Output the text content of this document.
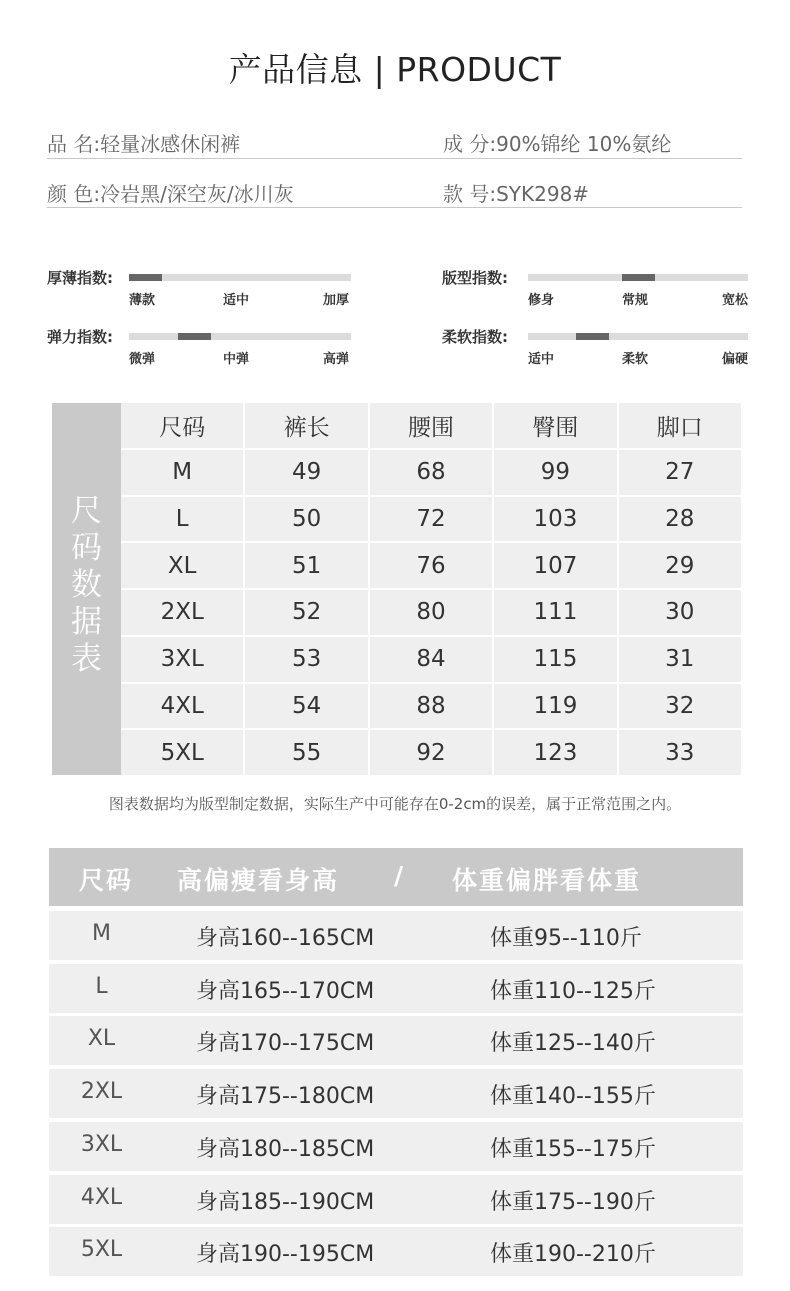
产品信息 | PRODUCT
品 名:轻量冰感休闲裤	成 分:90%锦纶 10%氨纶
颜 色:冷岩黑/深空灰/冰川灰	款 号:SYK298#
厚薄指数:
薄款	适中	加厚
版型指数:
修身	常规	宽松
弹力指数:
微弹	中弹	高弹
柔软指数:
适中	柔软	偏硬
尺
码
数
据
表
尺码	裤长	腰围	臀围	脚口
M	49	68	99	27
L	50	72	103	28
XL	51	76	107	29
2XL	52	80	111	30
3XL	53	84	115	31
4XL	54	88	119	32
5XL	55	92	123	33
图表数据均为版型制定数据，实际生产中可能存在0-2cm的误差，属于正常范围之内。
尺码 高偏瘦看身高 / 体重偏胖看体重
M	身高160--165CM	体重95--110斤
L	身高165--170CM	体重110--125斤
XL	身高170--175CM	体重125--140斤
2XL	身高175--180CM	体重140--155斤
3XL	身高180--185CM	体重155--175斤
4XL	身高185--190CM	体重175--190斤
5XL	身高190--195CM	体重190--210斤
